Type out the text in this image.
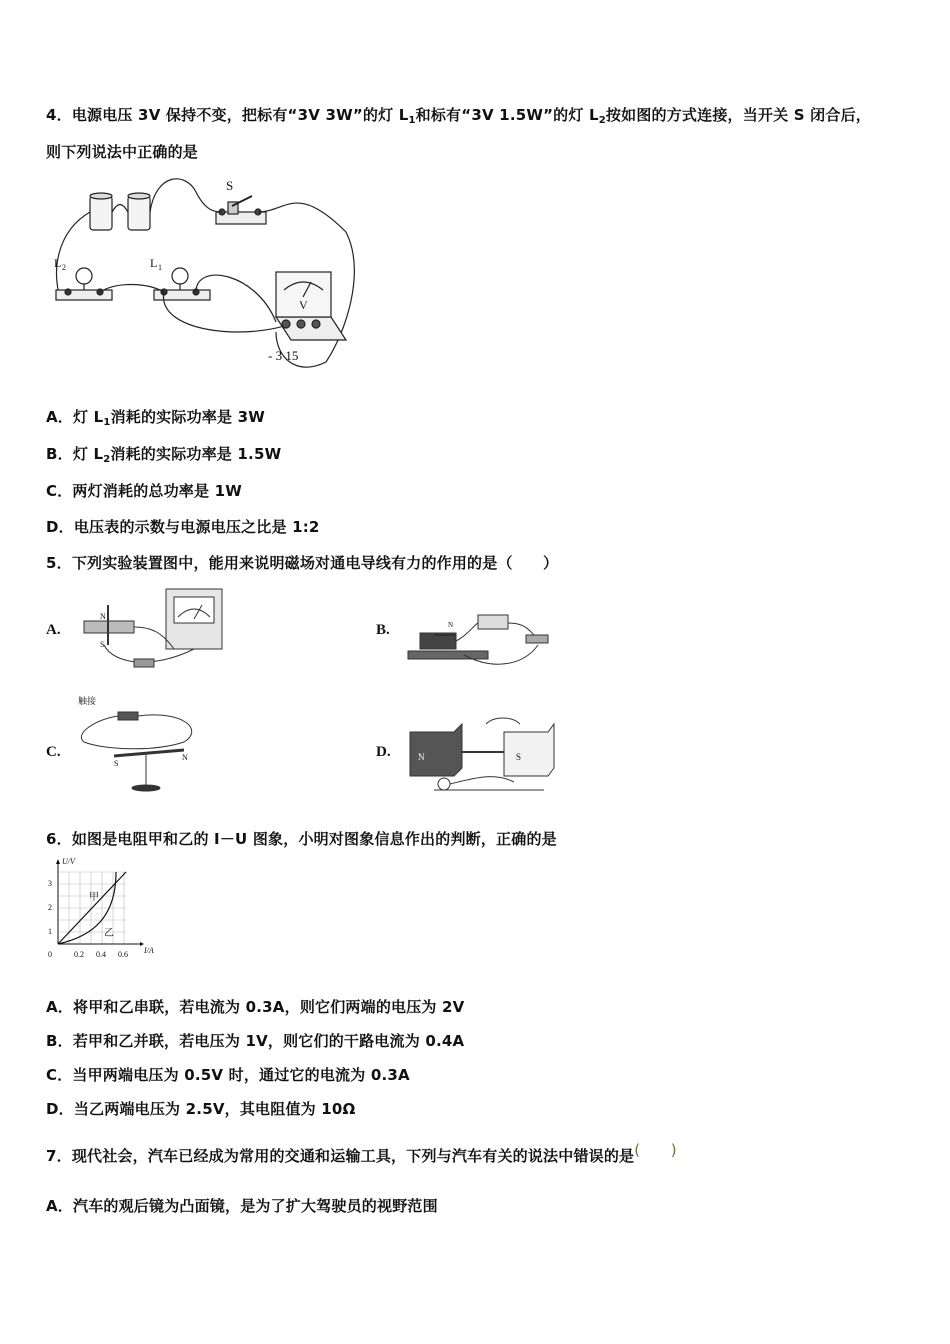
4．电源电压 3V 保持不变，把标有“3V 3W”的灯 $L_1$和标有“3V 1.5W”的灯 $L_2$按如图的方式连接，当开关 S 闭合后，
则下列说法中正确的是
S
L 2	L 1
V
- 3 15
A．灯 $L_1$消耗的实际功率是 3W
B．灯 $L_2$消耗的实际功率是 1.5W
C．两灯消耗的总功率是 1W
D．电压表的示数与电源电压之比是 1:2
5．下列实验装置图中，能用来说明磁场对通电导线有力的作用的是（　　）
A.
N
S
B.	N
C.
触接
S
N	D.	N	S
6．如图是电阻甲和乙的 I－U 图象，小明对图象信息作出的判断，正确的是
U/V
I/A
3
2
1
0	0.2 0.4 0.6
甲
乙
A．将甲和乙串联，若电流为 0.3A，则它们两端的电压为 2V
B．若甲和乙并联，若电压为 1V，则它们的干路电流为 0.4A
C．当甲两端电压为 0.5V 时，通过它的电流为 0.3A
D．当乙两端电压为 2.5V，其电阻值为 10Ω
7．现代社会，汽车已经成为常用的交通和运输工具，下列与汽车有关的说法中错误的是(　　)
A．汽车的观后镜为凸面镜，是为了扩大驾驶员的视野范围
